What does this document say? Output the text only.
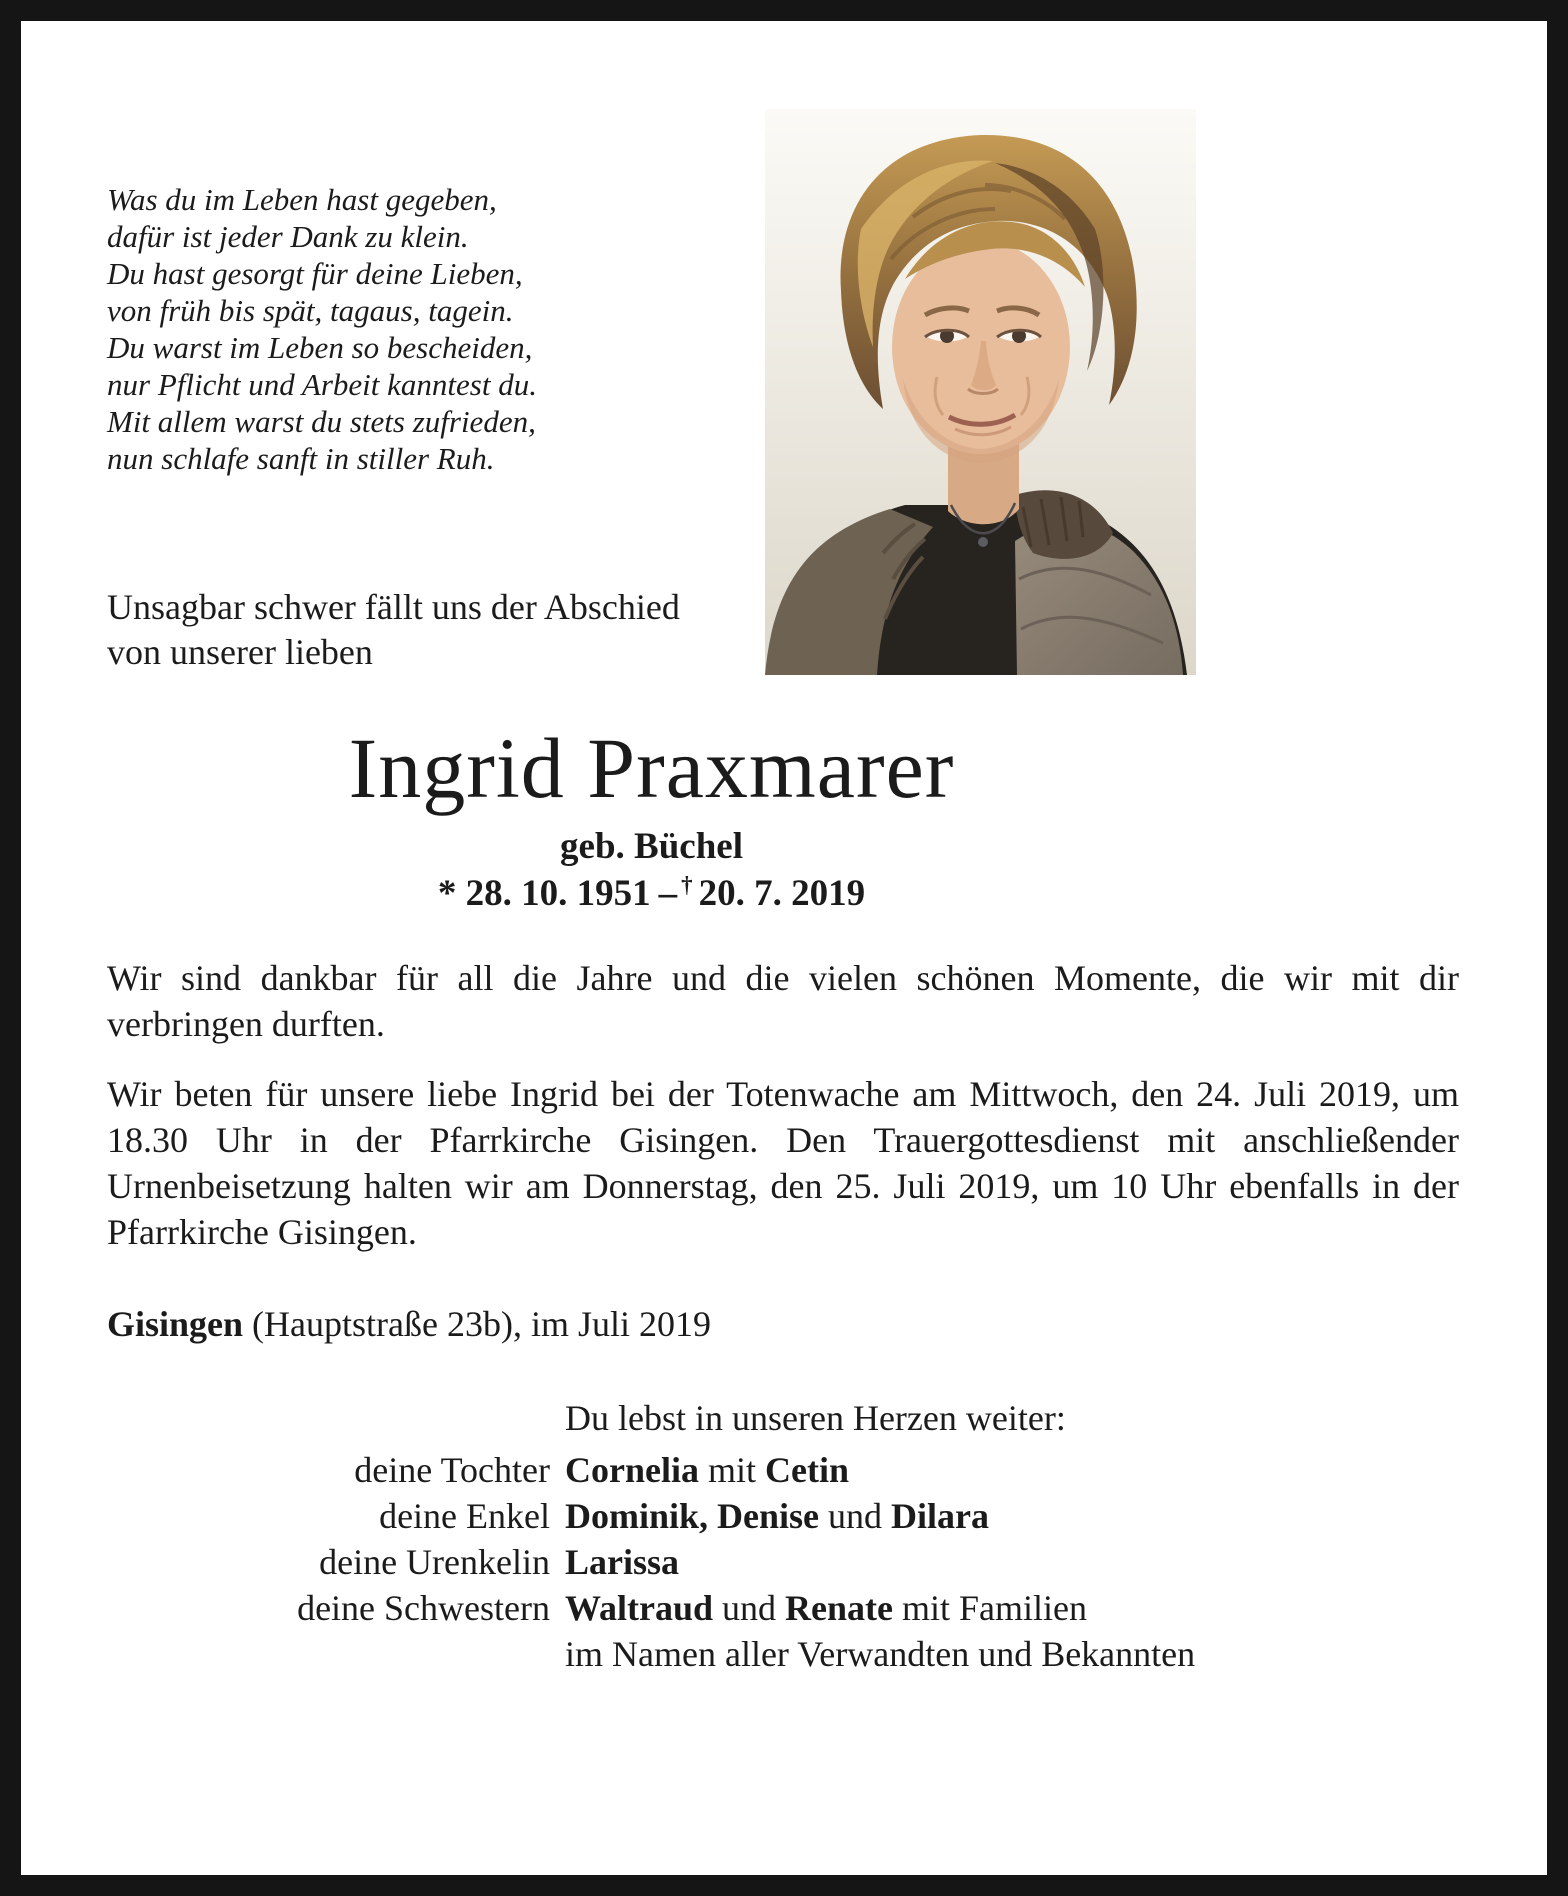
Was du im Leben hast gegeben,
dafür ist jeder Dank zu klein.
Du hast gesorgt für deine Lieben,
von früh bis spät, tagaus, tagein.
Du warst im Leben so bescheiden,
nur Pflicht und Arbeit kanntest du.
Mit allem warst du stets zufrieden,
nun schlafe sanft in stiller Ruh.
Unsagbar schwer fällt uns der Abschied
von unserer lieben
Ingrid Praxmarer
geb. Büchel
* 28. 10. 1951 – † 20. 7. 2019

Wir sind dankbar für all die Jahre und die vielen schönen Momente, die wir mit dir verbringen durften.

Wir beten für unsere liebe Ingrid bei der Totenwache am Mittwoch, den 24. Juli 2019, um 18.30 Uhr in der Pfarrkirche Gisingen. Den Trauergottesdienst mit anschließender Urnenbeisetzung halten wir am Donnerstag, den 25. Juli 2019, um 10 Uhr ebenfalls in der Pfarrkirche Gisingen.

Gisingen (Hauptstraße 23b), im Juli 2019
Du lebst in unseren Herzen weiter:
deine Tochter Cornelia mit Cetin
deine Enkel Dominik, Denise und Dilara
deine Urenkelin Larissa
deine Schwestern Waltraud und Renate mit Familien
im Namen aller Verwandten und Bekannten
